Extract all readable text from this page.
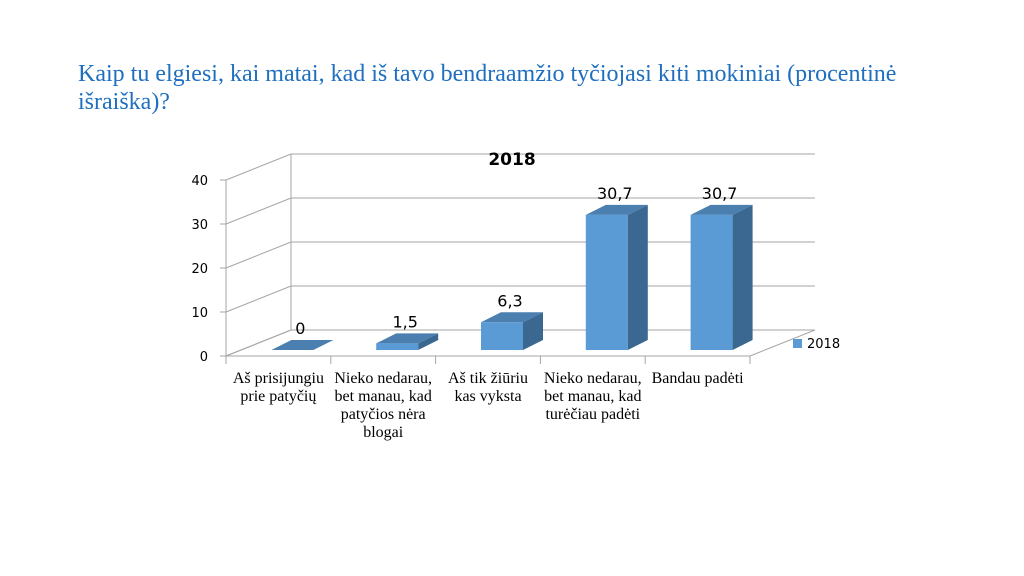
Kaip tu elgiesi, kai matai, kad iš tavo bendraamžio tyčiojasi kiti mokiniai (procentinė išraiška)?
0
10
20
30
40
0	1,5
6,3
30,7	30,7
2018
2018
Aš prisijungiu prie patyčių
Nieko nedarau, bet manau, kad patyčios nėra blogai
Aš tik žiūriu kas vyksta
Nieko nedarau, bet manau, kad turėčiau padėti
Bandau padėti
